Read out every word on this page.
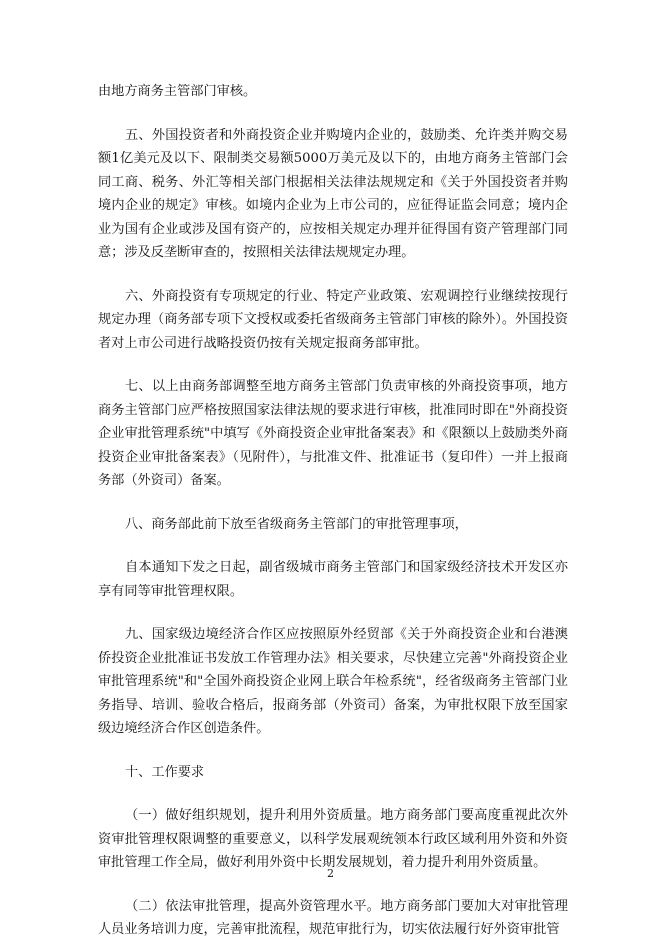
由地方商务主管部门审核。

五、外国投资者和外商投资企业并购境内企业的，鼓励类、允许类并购交易额1亿美元及以下、限制类交易额5000万美元及以下的，由地方商务主管部门会同工商、税务、外汇等相关部门根据相关法律法规规定和《关于外国投资者并购境内企业的规定》审核。如境内企业为上市公司的，应征得证监会同意；境内企业为国有企业或涉及国有资产的，应按相关规定办理并征得国有资产管理部门同意；涉及反垄断审查的，按照相关法律法规规定办理。

六、外商投资有专项规定的行业、特定产业政策、宏观调控行业继续按现行规定办理（商务部专项下文授权或委托省级商务主管部门审核的除外）。外国投资者对上市公司进行战略投资仍按有关规定报商务部审批。

七、以上由商务部调整至地方商务主管部门负责审核的外商投资事项，地方商务主管部门应严格按照国家法律法规的要求进行审核，批准同时即在"外商投资企业审批管理系统"中填写《外商投资企业审批备案表》和《限额以上鼓励类外商投资企业审批备案表》（见附件），与批准文件、批准证书（复印件）一并上报商务部（外资司）备案。

八、商务部此前下放至省级商务主管部门的审批管理事项，

自本通知下发之日起，副省级城市商务主管部门和国家级经济技术开发区亦享有同等审批管理权限。

九、国家级边境经济合作区应按照原外经贸部《关于外商投资企业和台港澳侨投资企业批准证书发放工作管理办法》相关要求，尽快建立完善"外商投资企业审批管理系统"和"全国外商投资企业网上联合年检系统"，经省级商务主管部门业务指导、培训、验收合格后，报商务部（外资司）备案，为审批权限下放至国家级边境经济合作区创造条件。

十、工作要求

（一）做好组织规划，提升利用外资质量。地方商务部门要高度重视此次外资审批管理权限调整的重要意义，以科学发展观统领本行政区域利用外资和外资审批管理工作全局，做好利用外资中长期发展规划，着力提升利用外资质量。

（二）依法审批管理，提高外资管理水平。地方商务部门要加大对审批管理人员业务培训力度，完善审批流程，规范审批行为，切实依法履行好外资审批管

2
